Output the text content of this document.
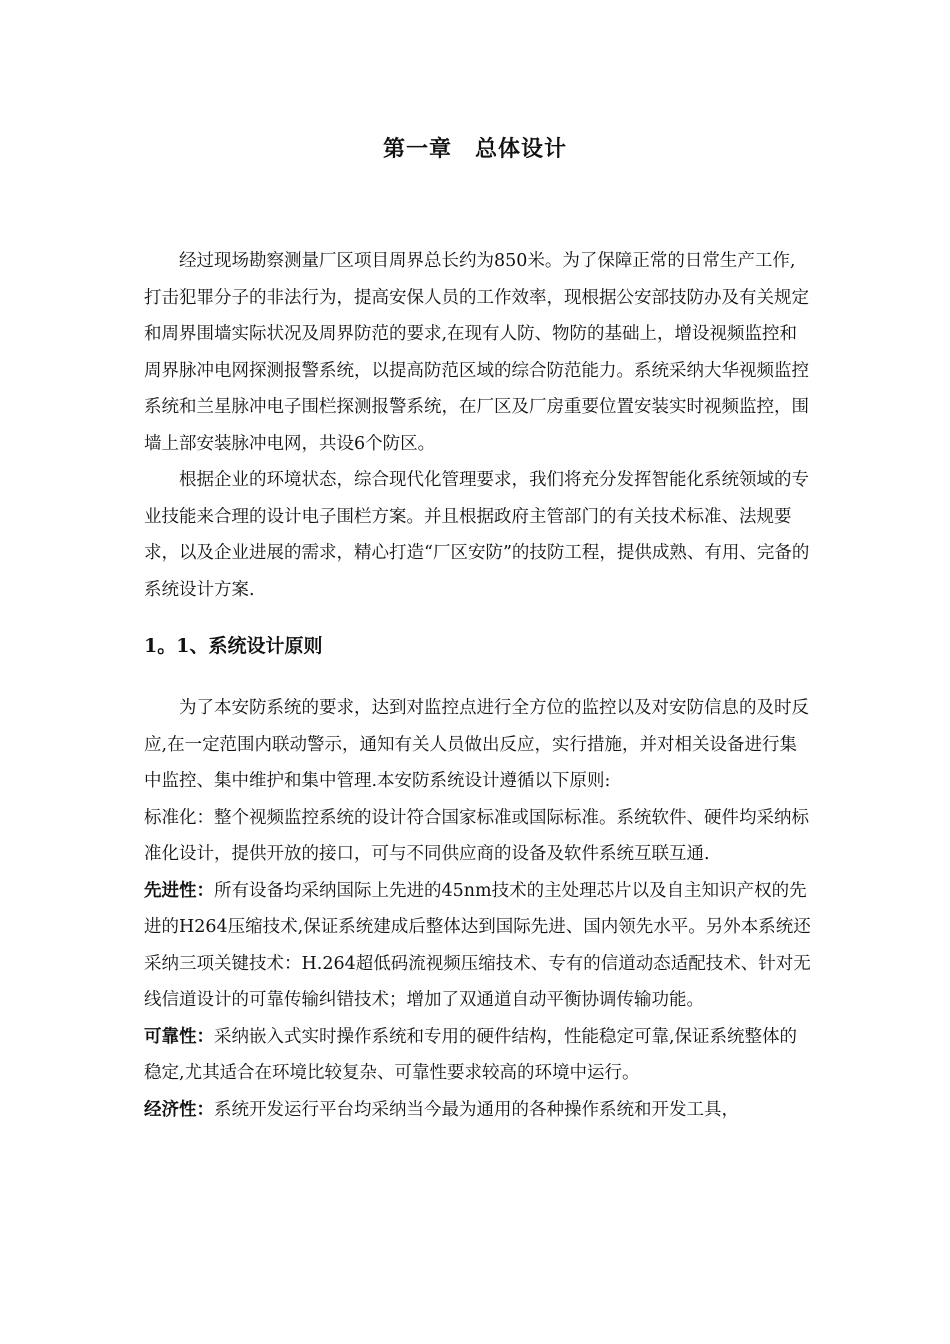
第一章　总体设计

经过现场勘察测量厂区项目周界总长约为850米。为了保障正常的日常生产工作,打击犯罪分子的非法行为，提高安保人员的工作效率，现根据公安部技防办及有关规定和周界围墙实际状况及周界防范的要求,在现有人防、物防的基础上，增设视频监控和周界脉冲电网探测报警系统，以提高防范区域的综合防范能力。系统采纳大华视频监控系统和兰星脉冲电子围栏探测报警系统，在厂区及厂房重要位置安装实时视频监控，围墙上部安装脉冲电网，共设6个防区。

根据企业的环境状态，综合现代化管理要求，我们将充分发挥智能化系统领域的专业技能来合理的设计电子围栏方案。并且根据政府主管部门的有关技术标准、法规要求，以及企业进展的需求，精心打造“厂区安防”的技防工程，提供成熟、有用、完备的系统设计方案.

1。1、系统设计原则

为了本安防系统的要求，达到对监控点进行全方位的监控以及对安防信息的及时反应,在一定范围内联动警示，通知有关人员做出反应，实行措施，并对相关设备进行集中监控、集中维护和集中管理.本安防系统设计遵循以下原则:

标准化：整个视频监控系统的设计符合国家标准或国际标准。系统软件、硬件均采纳标准化设计，提供开放的接口，可与不同供应商的设备及软件系统互联互通.

先进性：所有设备均采纳国际上先进的45nm技术的主处理芯片以及自主知识产权的先进的H264压缩技术,保证系统建成后整体达到国际先进、国内领先水平。另外本系统还采纳三项关键技术：H.264超低码流视频压缩技术、专有的信道动态适配技术、针对无线信道设计的可靠传输纠错技术；增加了双通道自动平衡协调传输功能。

可靠性：采纳嵌入式实时操作系统和专用的硬件结构，性能稳定可靠,保证系统整体的稳定,尤其适合在环境比较复杂、可靠性要求较高的环境中运行。

经济性：系统开发运行平台均采纳当今最为通用的各种操作系统和开发工具，
